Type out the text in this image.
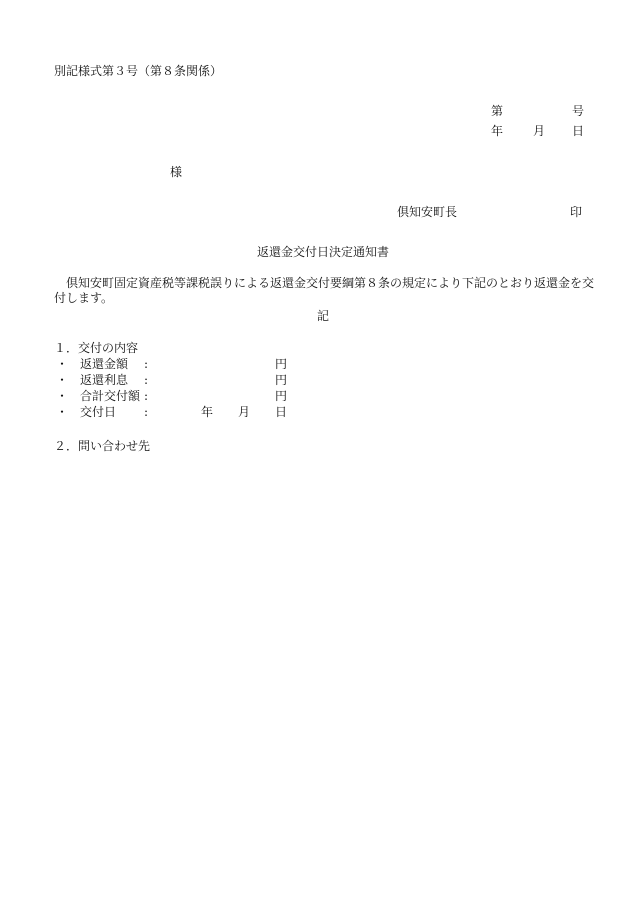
別記様式第３号（第８条関係）
第	号
年 月 日
様
倶知安町長	印
返還金交付日決定通知書
倶知安町固定資産税等課税誤りによる返還金交付要綱第８条の規定により下記のとおり返還金を交付します。
記
１．交付の内容
・ 返還金額 :	円
・ 返還利息 :	円
・ 合計交付額 :	円
・ 交付日 :	年 月 日
２．問い合わせ先
